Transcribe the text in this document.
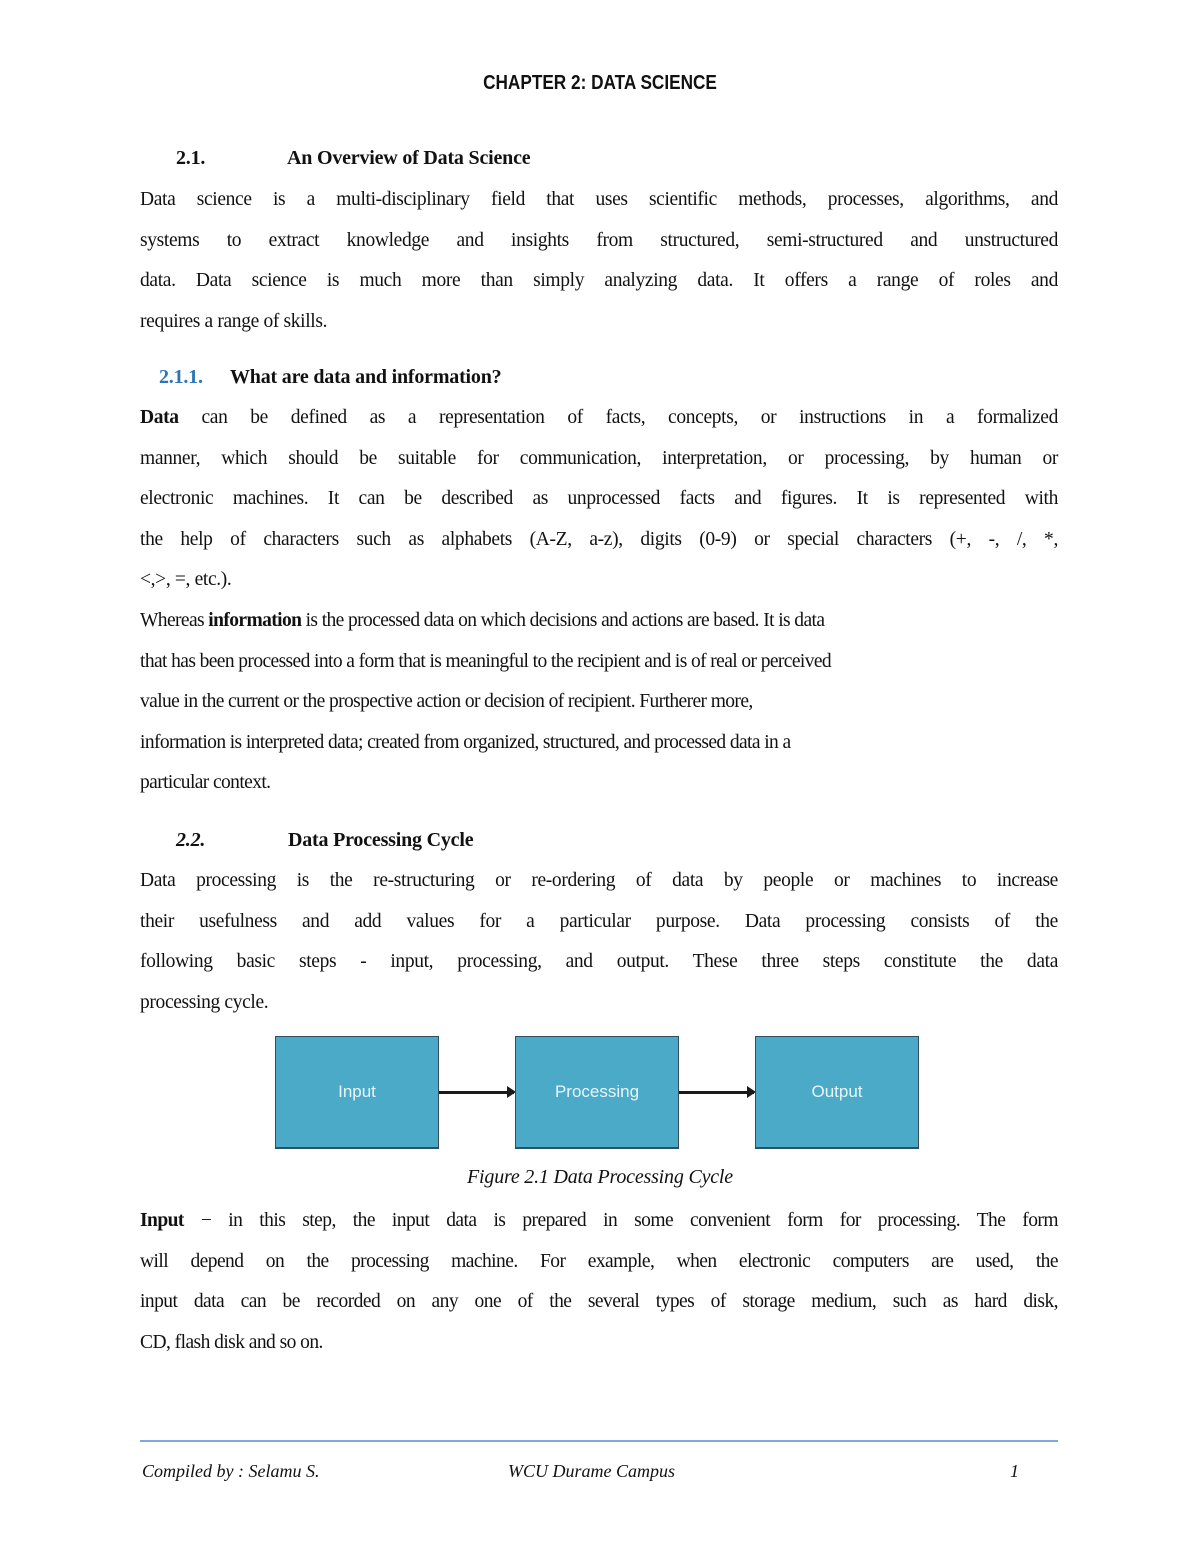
CHAPTER 2: DATA SCIENCE
2.1.	An Overview of Data Science
Data science is a multi-disciplinary field that uses scientific methods, processes, algorithms, and
systems to extract knowledge and insights from structured, semi-structured and unstructured
data. Data science is much more than simply analyzing data. It offers a range of roles and
requires a range of skills.
2.1.1. What are data and information?
Data can be defined as a representation of facts, concepts, or instructions in a formalized
manner, which should be suitable for communication, interpretation, or processing, by human or
electronic machines. It can be described as unprocessed facts and figures. It is represented with
the help of characters such as alphabets (A-Z, a-z), digits (0-9) or special characters (+, -, /, *,
<,>, =, etc.).
Whereas information is the processed data on which decisions and actions are based. It is data
that has been processed into a form that is meaningful to the recipient and is of real or perceived
value in the current or the prospective action or decision of recipient. Furtherer more,
information is interpreted data; created from organized, structured, and processed data in a
particular context.
2.2.	Data Processing Cycle
Data processing is the re-structuring or re-ordering of data by people or machines to increase
their usefulness and add values for a particular purpose. Data processing consists of the
following basic steps - input, processing, and output. These three steps constitute the data
processing cycle.
Input	Processing	Output
Figure 2.1 Data Processing Cycle
Input − in this step, the input data is prepared in some convenient form for processing. The form
will depend on the processing machine. For example, when electronic computers are used, the
input data can be recorded on any one of the several types of storage medium, such as hard disk,
CD, flash disk and so on.
Compiled by : Selamu S.	WCU Durame Campus	1
